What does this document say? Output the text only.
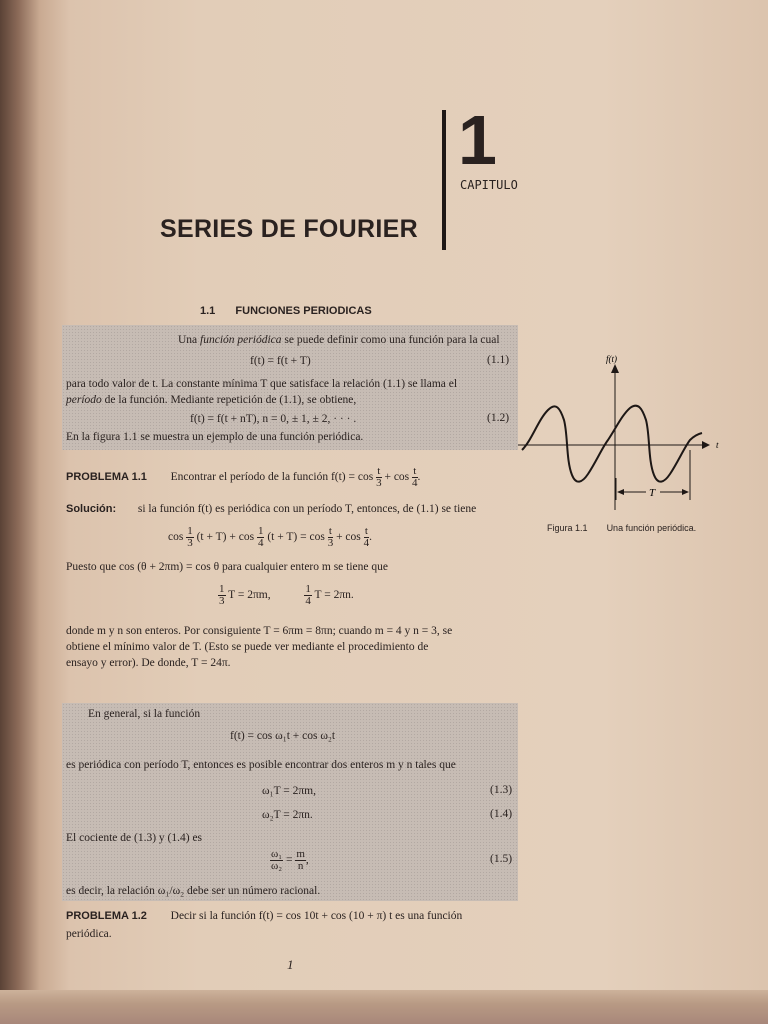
1
CAPITULO
SERIES DE FOURIER
1.1 FUNCIONES PERIODICAS
Una función periódica se puede definir como una función para la cual
f(t) = f(t + T)	(1.1)
para todo valor de t. La constante mínima T que satisface la relación (1.1) se llama el
período de la función. Mediante repetición de (1.1), se obtiene,
f(t) = f(t + nT), n = 0, ± 1, ± 2, · · · .	(1.2)
En la figura 1.1 se muestra un ejemplo de una función periódica.
T
f(t)
t
Figura 1.1 Una función periódica.
PROBLEMA 1.1 Encontrar el período de la función $f(t) = \cos \frac{t}{3} + \cos \frac{t}{4}$ .
Solución: si la función f(t) es periódica con un período T, entonces, de (1.1) se tiene
$\cos \frac{1}{3} (t + T) + \cos \frac{1}{4} (t + T) = \cos \frac{t}{3} + \cos \frac{t}{4}$ .
Puesto que cos (θ + 2πm) = cos θ para cualquier entero m se tiene que
$\frac{1}{3}$ T = 2πm,	$\frac{1}{4}$ T = 2πn.
donde m y n son enteros. Por consiguiente T = 6πm = 8πn; cuando m = 4 y n = 3, se
obtiene el mínimo valor de T. (Esto se puede ver mediante el procedimiento de
ensayo y error). De donde, T = 24π.
En general, si la función
f(t) = cos ω₁t + cos ω₂t
es periódica con período T, entonces es posible encontrar dos enteros m y n tales que
ω₁T = 2πm,	(1.3)
ω₂T = 2πn.	(1.4)
El cociente de (1.3) y (1.4) es
$\frac{\text{ω₁}}{\text{ω₂}} = \frac{m}{n}$ ,	(1.5)
es decir, la relación ω₁/ω₂ debe ser un número racional.
PROBLEMA 1.2 Decir si la función f(t) = cos 10t + cos (10 + π) t es una función
periódica.
1
